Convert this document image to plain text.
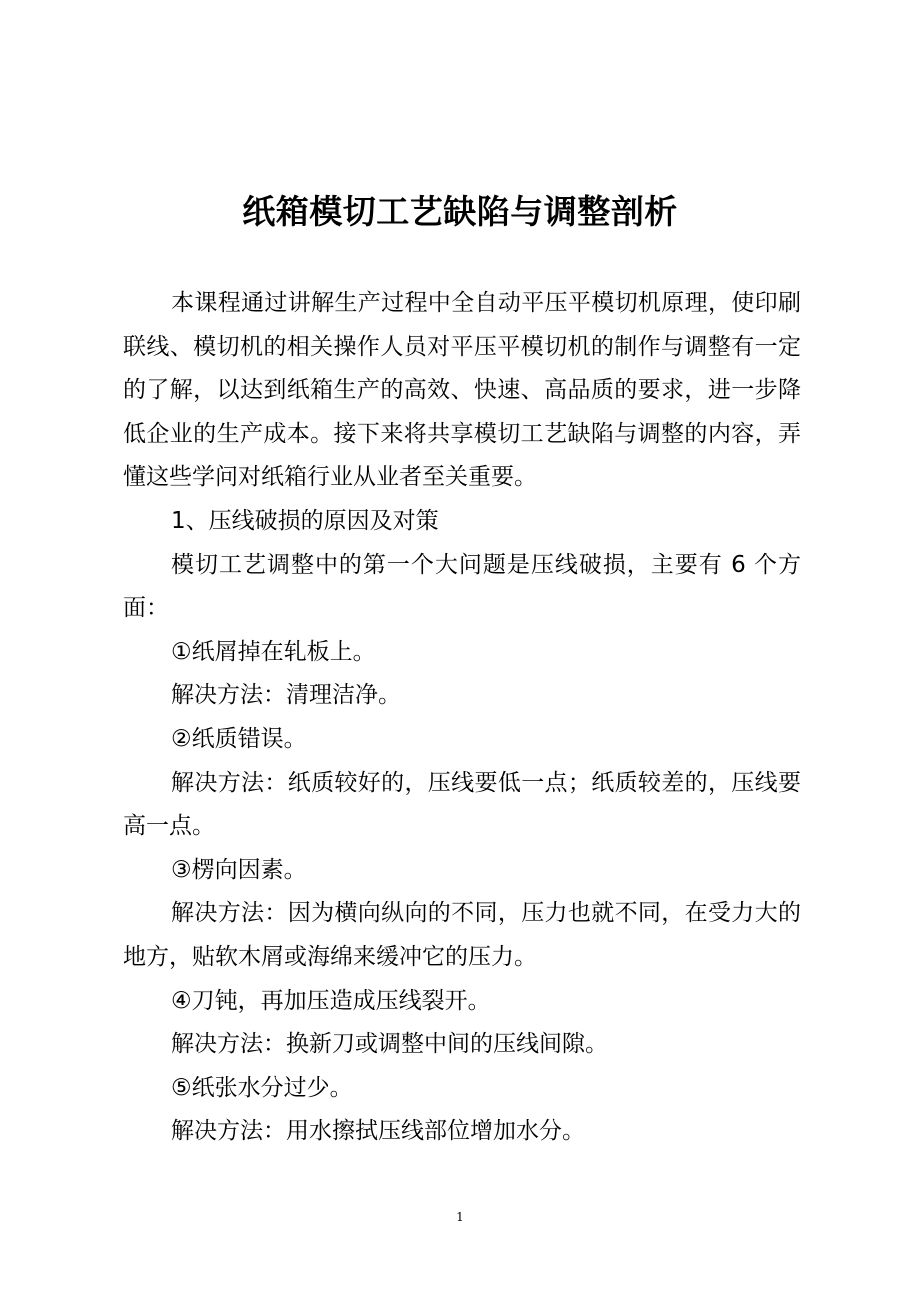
纸箱模切工艺缺陷与调整剖析

本课程通过讲解生产过程中全自动平压平模切机原理，使印刷联线、模切机的相关操作人员对平压平模切机的制作与调整有一定的了解，以达到纸箱生产的高效、快速、高品质的要求，进一步降低企业的生产成本。接下来将共享模切工艺缺陷与调整的内容，弄懂这些学问对纸箱行业从业者至关重要。

1、压线破损的原因及对策

模切工艺调整中的第一个大问题是压线破损，主要有 6 个方面：

①纸屑掉在轧板上。

解决方法：清理洁净。

②纸质错误。

解决方法：纸质较好的，压线要低一点；纸质较差的，压线要高一点。

③楞向因素。

解决方法：因为横向纵向的不同，压力也就不同，在受力大的地方，贴软木屑或海绵来缓冲它的压力。

④刀钝，再加压造成压线裂开。

解决方法：换新刀或调整中间的压线间隙。

⑤纸张水分过少。

解决方法：用水擦拭压线部位增加水分。

1
